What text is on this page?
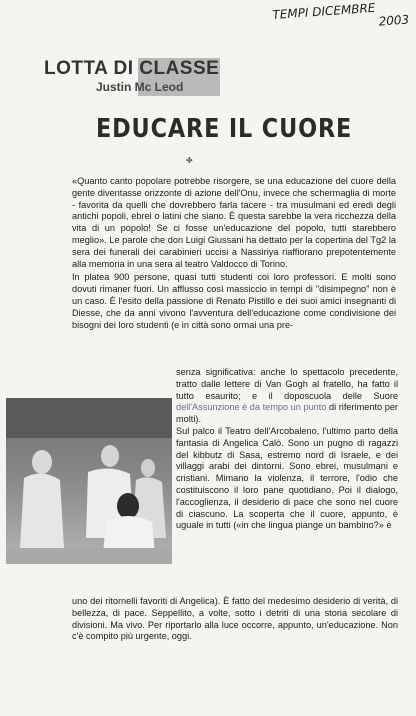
TEMPI DICEMBRE 2003
LOTTA DI CLASSE
Justin Mc Leod
EDUCARE IL CUORE
✤

«Quanto canto popolare potrebbe risorgere, se una educazione del cuore della gente diventasse orizzonte di azione dell'Onu, invece che schermaglia di morte - favorita da quelli che dovrebbero farla tacere - tra musulmani ed eredi degli antichi popoli, ebrei o latini che siano. È questa sarebbe la vera ricchezza della vita di un popolo! Se ci fosse un'educazione del popolo, tutti starebbero meglio». Le parole che don Luigi Giussani ha dettato per la copertina del Tg2 la sera dei funerali dei carabinieri uccisi a Nassiriya riaffiorano prepotentemente alla memoria in una sera al teatro Valdocco di Torino.

In platea 900 persone, quasi tutti studenti coi loro professori. E molti sono dovuti rimaner fuori. Un afflusso così massiccio in tempi di "disimpegno" non è un caso. È l'esito della passione di Renato Pistillo e dei suoi amici insegnanti di Diesse, che da anni vivono l'avventura dell'educazione come condivisione dei bisogni dei loro studenti (e in città sono ormai una pre-

senza significativa: anche lo spettacolo precedente, tratto dalle lettere di Van Gogh al fratello, ha fatto il tutto esaurito; e il doposcuola delle Suore dell'Assunzione è da tempo un punto di riferimento per molti).
Sul palco il Teatro dell'Arcobaleno, l'ultimo parto della fantasia di Angelica Calò. Sono un pugno di ragazzi del kibbutz di Sasa, estremo nord di Israele, e dei villaggi arabi dei dintorni. Sono ebrei, musulmani e cristiani. Mimano la violenza, il terrore, l'odio che costituiscono il loro pane quotidiano. Poi il dialogo, l'accoglienza, il desiderio di pace che sono nel cuore di ciascuno. La scoperta che il cuore, appunto, è uguale in tutti («in che lingua piange un bambino?» è
uno dei ritornelli favoriti di Angelica). È fatto del medesimo desiderio di verità, di bellezza, di pace. Seppellito, a volte, sotto i detriti di una storia secolare di divisioni. Ma vivo. Per riportarlo alla luce occorre, appunto, un'educazione. Non c'è compito più urgente, oggi.
